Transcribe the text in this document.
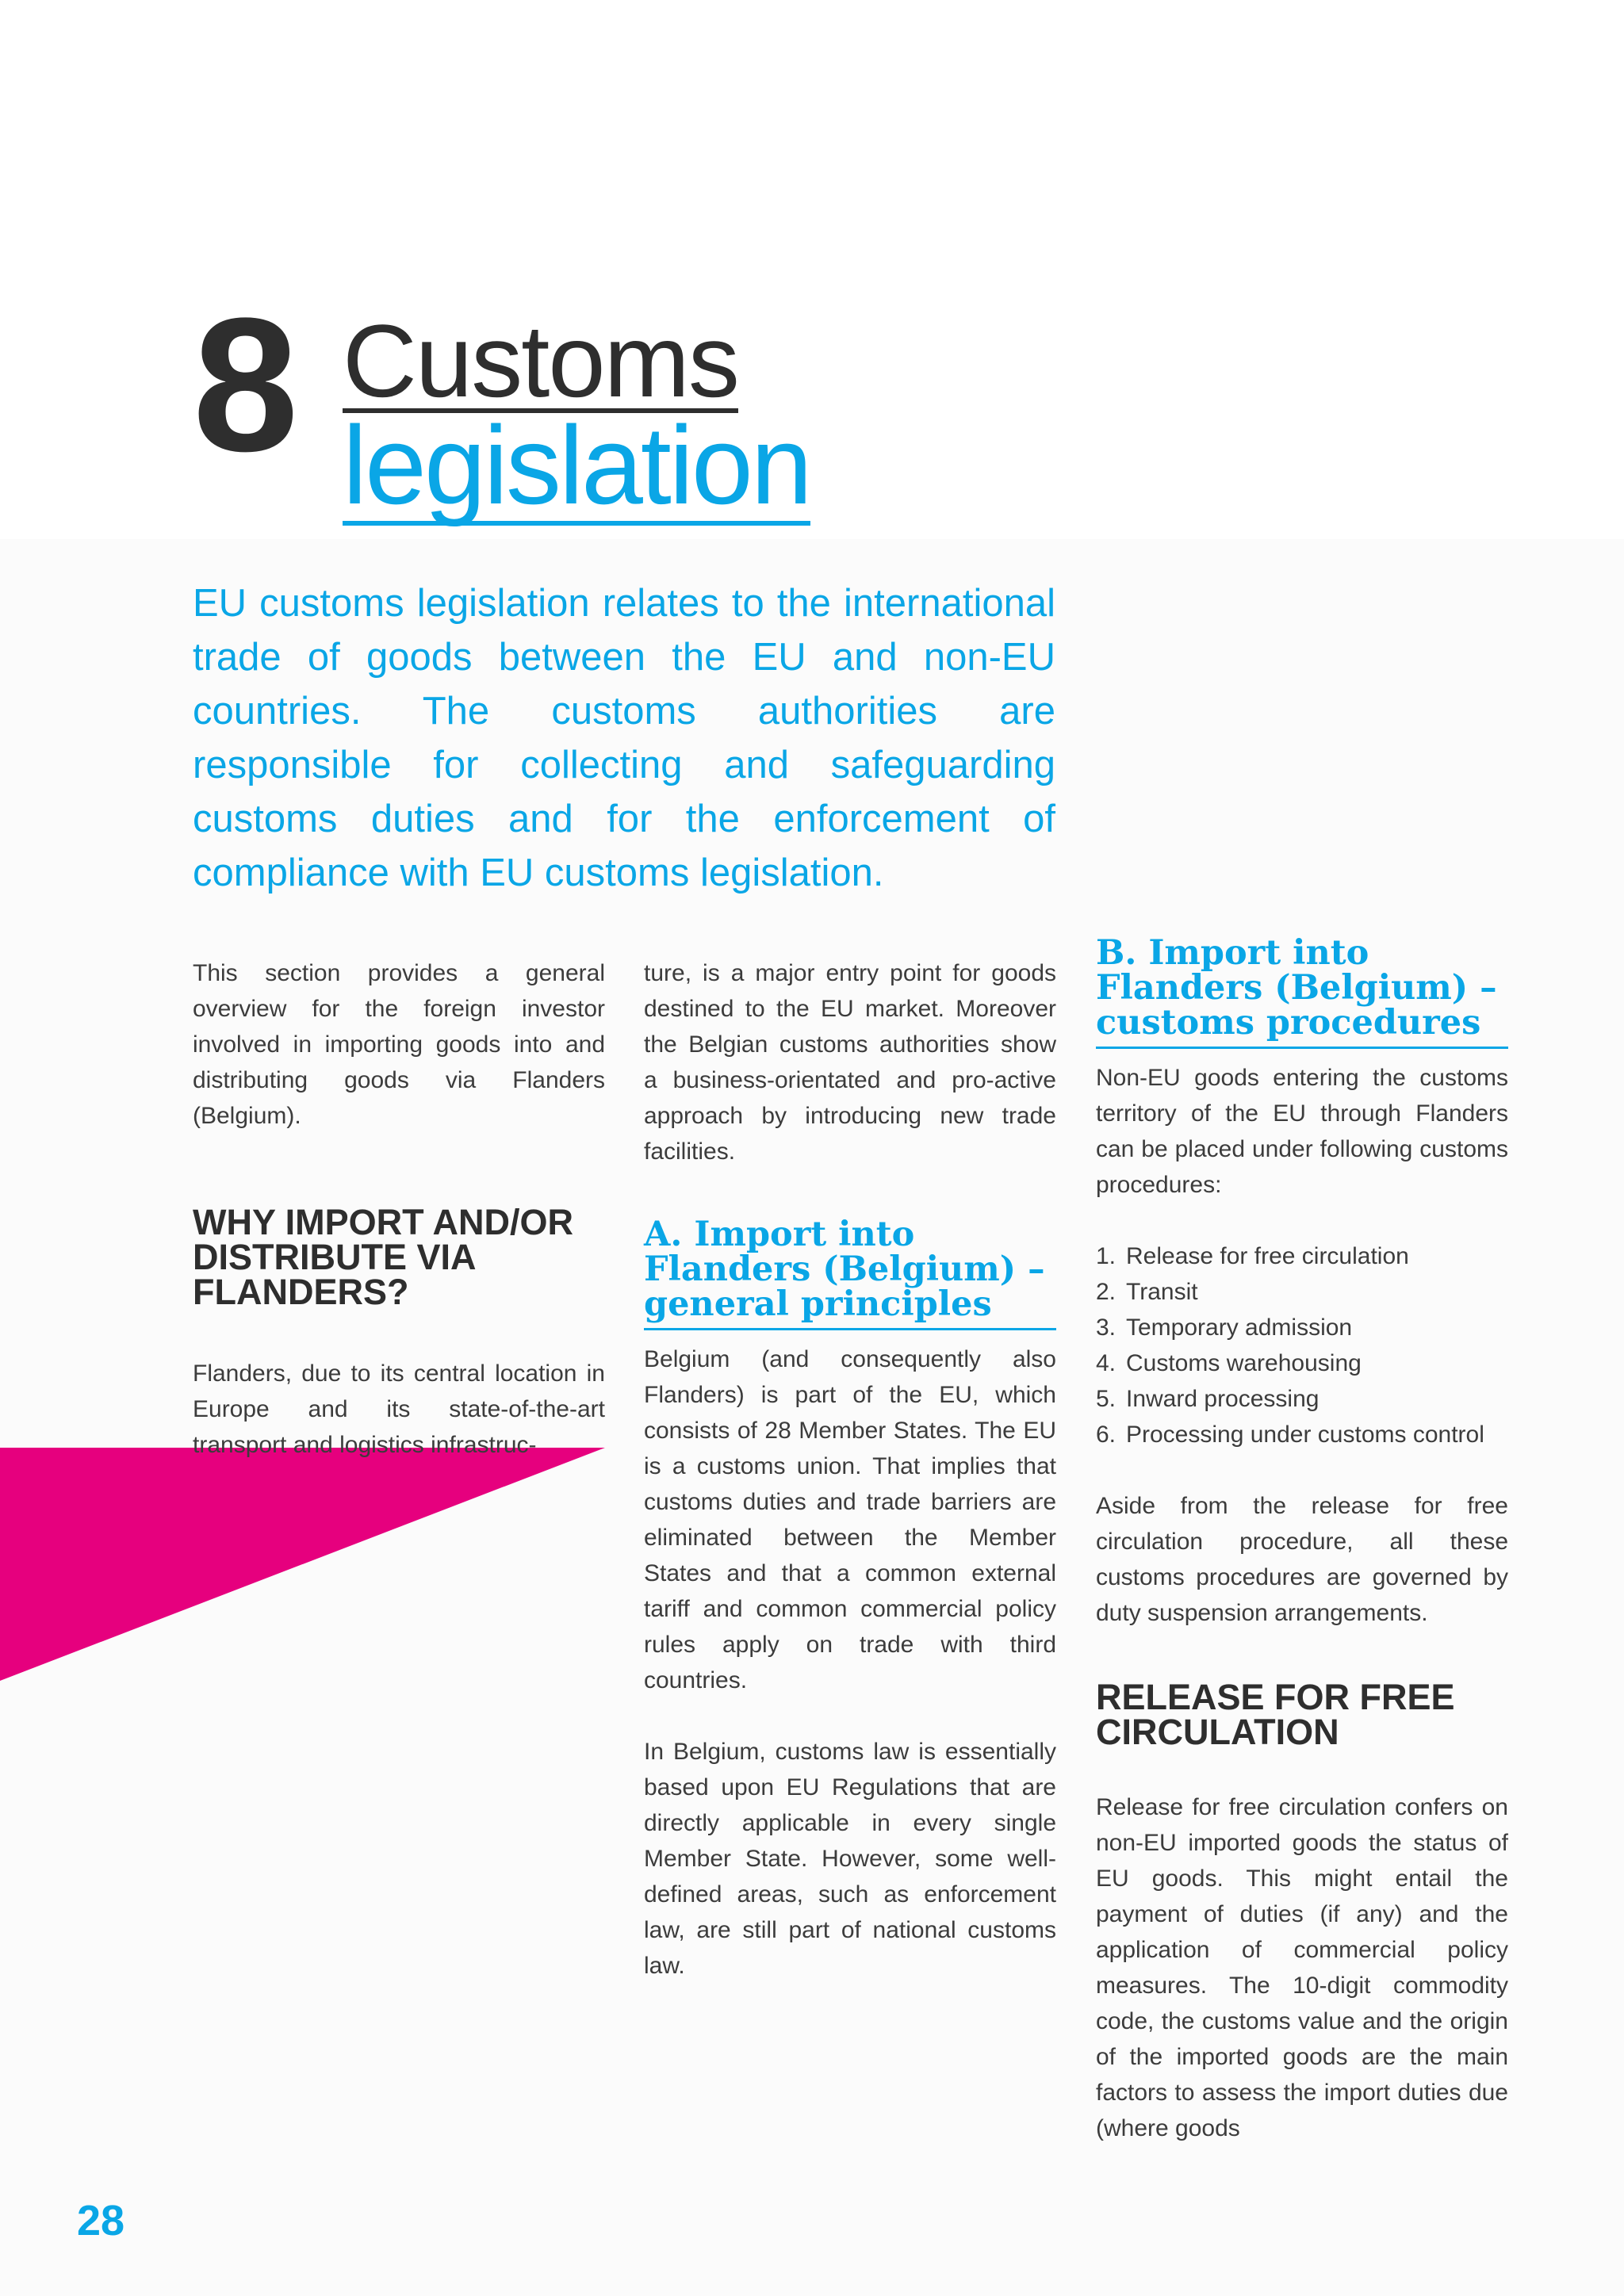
8 Customs
legislation
EU customs legislation relates to the international trade of goods between the EU and non-EU countries. The customs authorities are responsible for collecting and safeguarding customs duties and for the enforcement of compliance with EU customs legislation.

This section provides a general overview for the foreign investor involved in importing goods into and distributing goods via Flanders (Belgium).

WHY IMPORT AND/OR DISTRIBUTE VIA FLANDERS?

Flanders, due to its central location in Europe and its state-of-the-art transport and logistics infrastruc-

ture, is a major entry point for goods destined to the EU market. Moreover the Belgian customs authorities show a business-orientated and pro-active approach by introducing new trade facilities.

A. Import into Flanders (Belgium) – general principles

Belgium (and consequently also Flanders) is part of the EU, which consists of 28 Member States. The EU is a customs union. That implies that customs duties and trade barriers are eliminated between the Member States and that a common external tariff and common commercial policy rules apply on trade with third countries.

In Belgium, customs law is essentially based upon EU Regulations that are directly applicable in every single Member State. However, some well-defined areas, such as enforcement law, are still part of national customs law.

B. Import into Flanders (Belgium) – customs procedures

Non-EU goods entering the customs territory of the EU through Flanders can be placed under following customs procedures:

1. Release for free circulation
2. Transit
3. Temporary admission
4. Customs warehousing
5. Inward processing
6. Processing under customs control

Aside from the release for free circulation procedure, all these customs procedures are governed by duty suspension arrangements.

RELEASE FOR FREE CIRCULATION

Release for free circulation confers on non-EU imported goods the status of EU goods. This might entail the payment of duties (if any) and the application of commercial policy measures. The 10-digit commodity code, the customs value and the origin of the imported goods are the main factors to assess the import duties due (where goods

28
